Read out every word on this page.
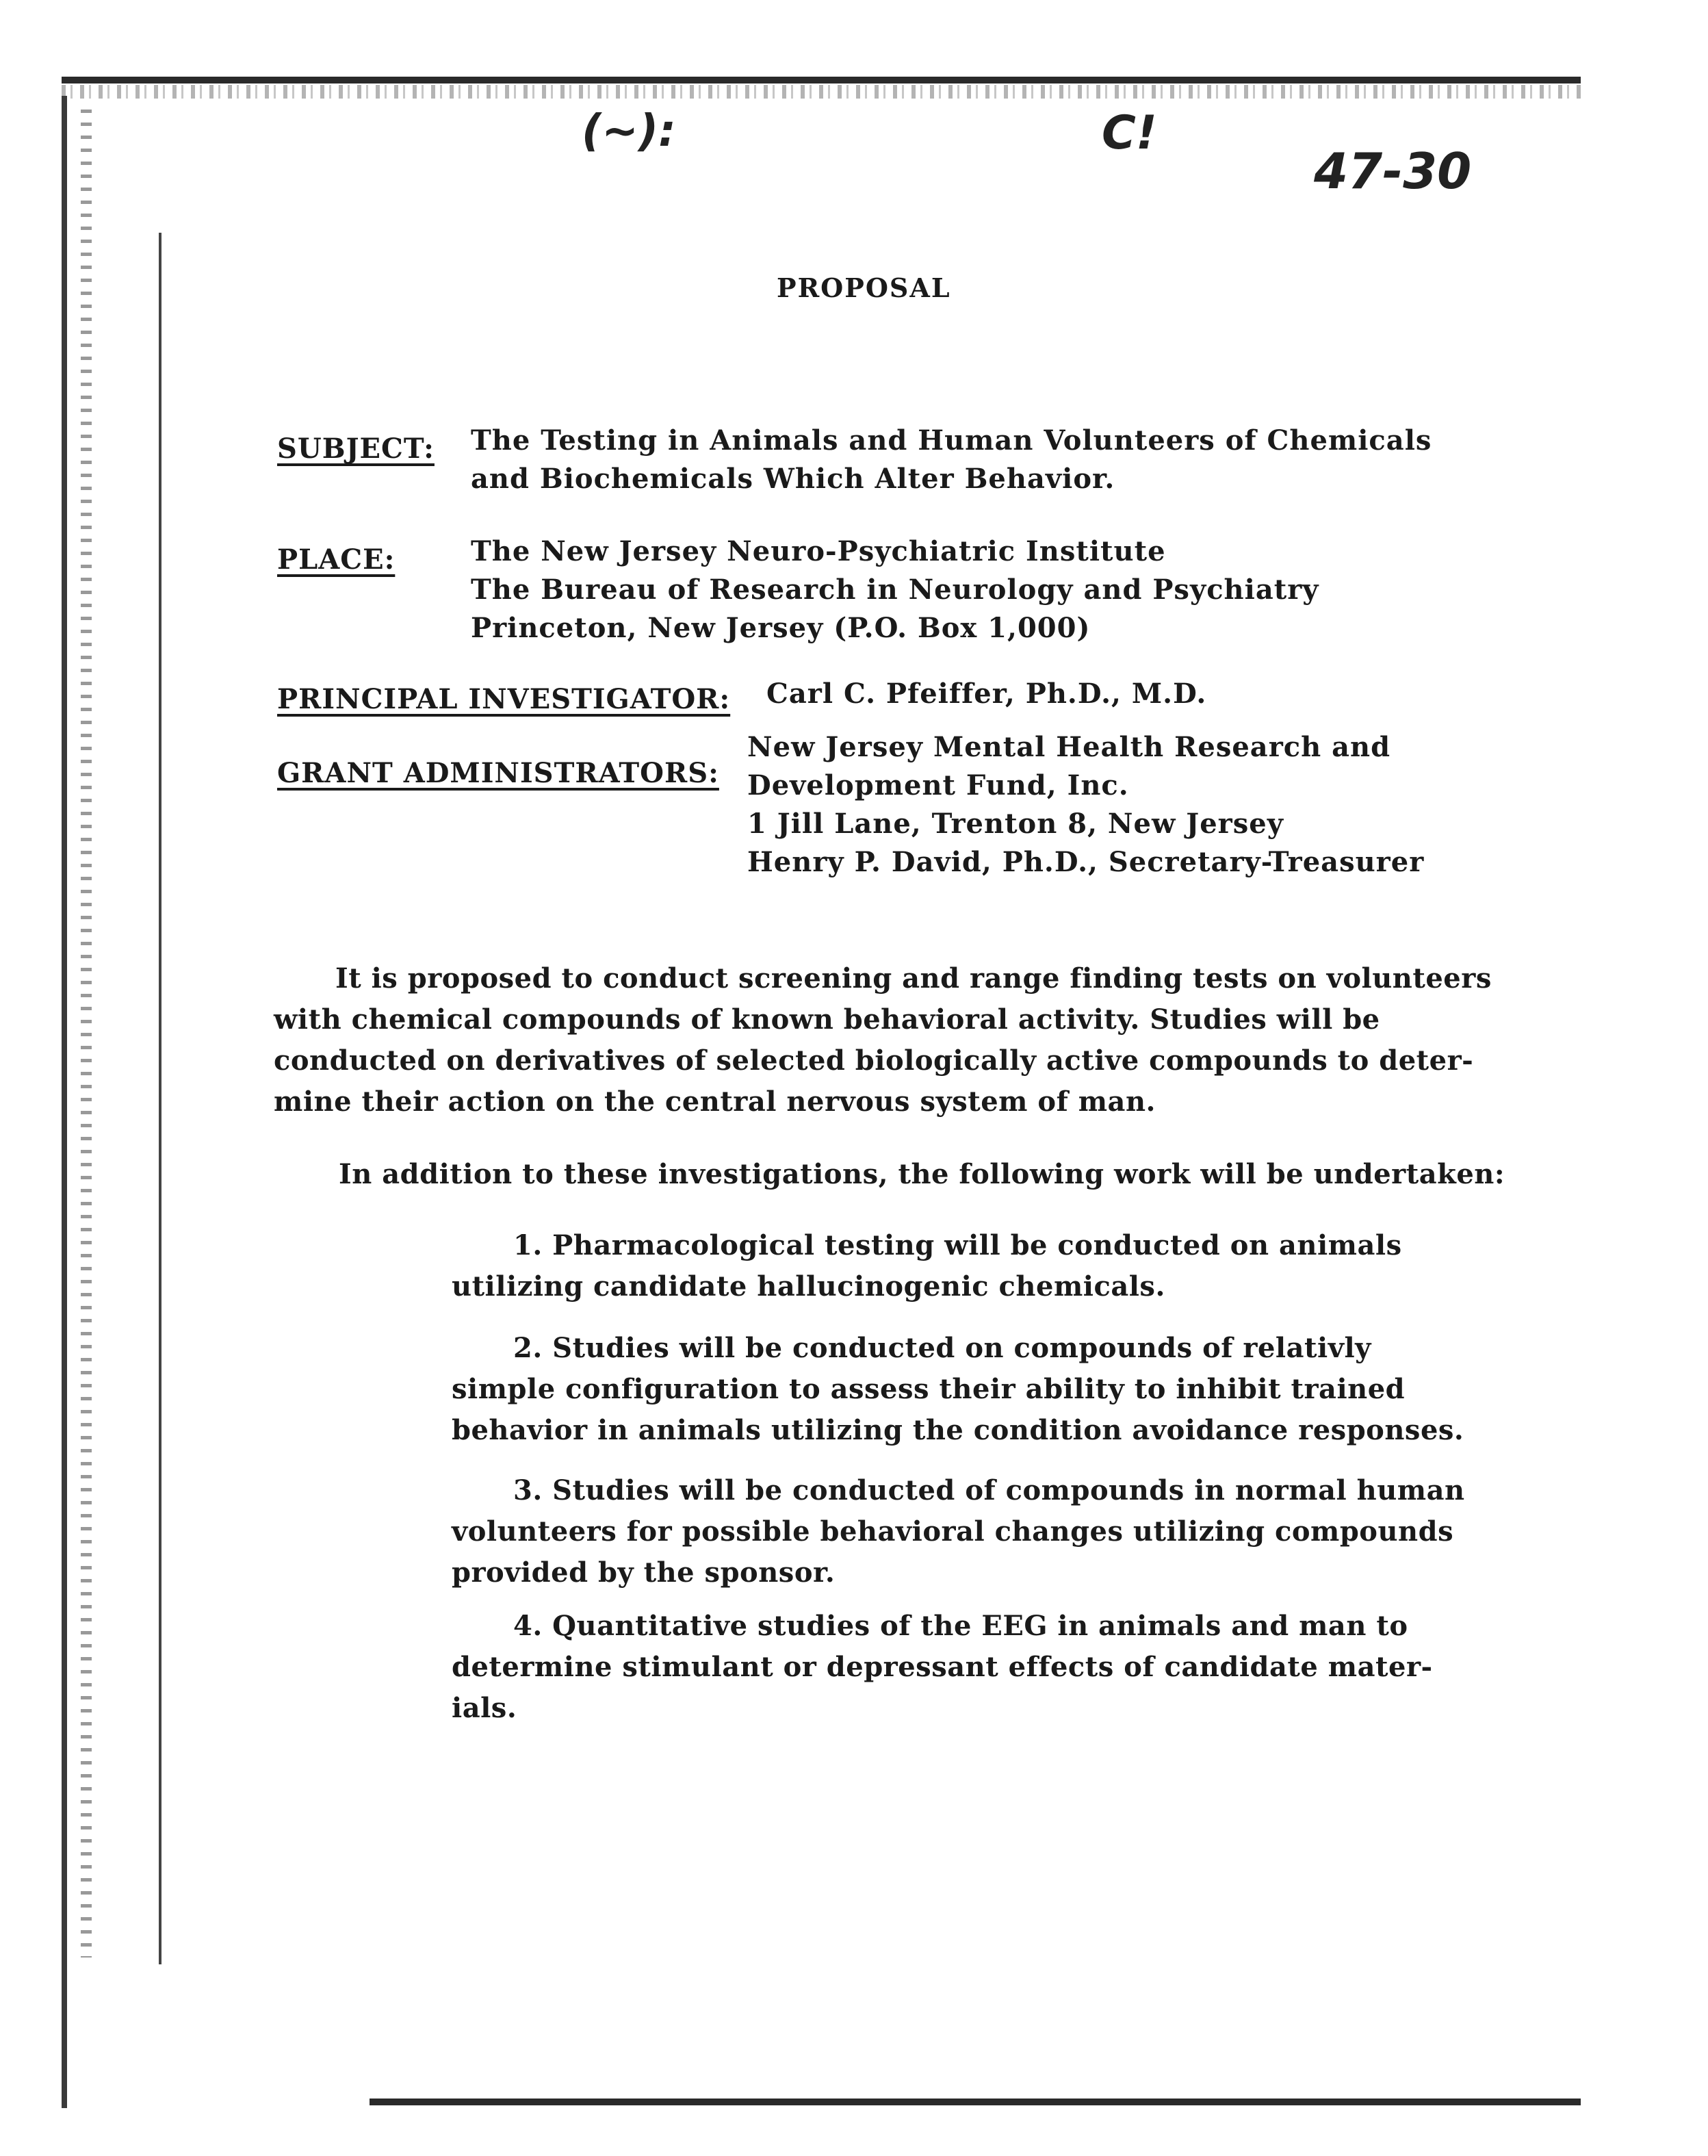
(~):	C!
47-30
PROPOSAL
SUBJECT: The Testing in Animals and Human Volunteers of Chemicals
and Biochemicals Which Alter Behavior.
PLACE:	The New Jersey Neuro-Psychiatric Institute
The Bureau of Research in Neurology and Psychiatry
Princeton, New Jersey (P.O. Box 1,000)
PRINCIPAL INVESTIGATOR: Carl C. Pfeiffer, Ph.D., M.D.
GRANT ADMINISTRATORS:
New Jersey Mental Health Research and
Development Fund, Inc.
1 Jill Lane, Trenton 8, New Jersey
Henry P. David, Ph.D., Secretary-Treasurer
It is proposed to conduct screening and range finding tests on volunteers
with chemical compounds of known behavioral activity. Studies will be
conducted on derivatives of selected biologically active compounds to deter-
mine their action on the central nervous system of man.
In addition to these investigations, the following work will be undertaken:
1. Pharmacological testing will be conducted on animals
utilizing candidate hallucinogenic chemicals.
2. Studies will be conducted on compounds of relativly
simple configuration to assess their ability to inhibit trained
behavior in animals utilizing the condition avoidance responses.
3. Studies will be conducted of compounds in normal human
volunteers for possible behavioral changes utilizing compounds
provided by the sponsor.
4. Quantitative studies of the EEG in animals and man to
determine stimulant or depressant effects of candidate mater-
ials.
